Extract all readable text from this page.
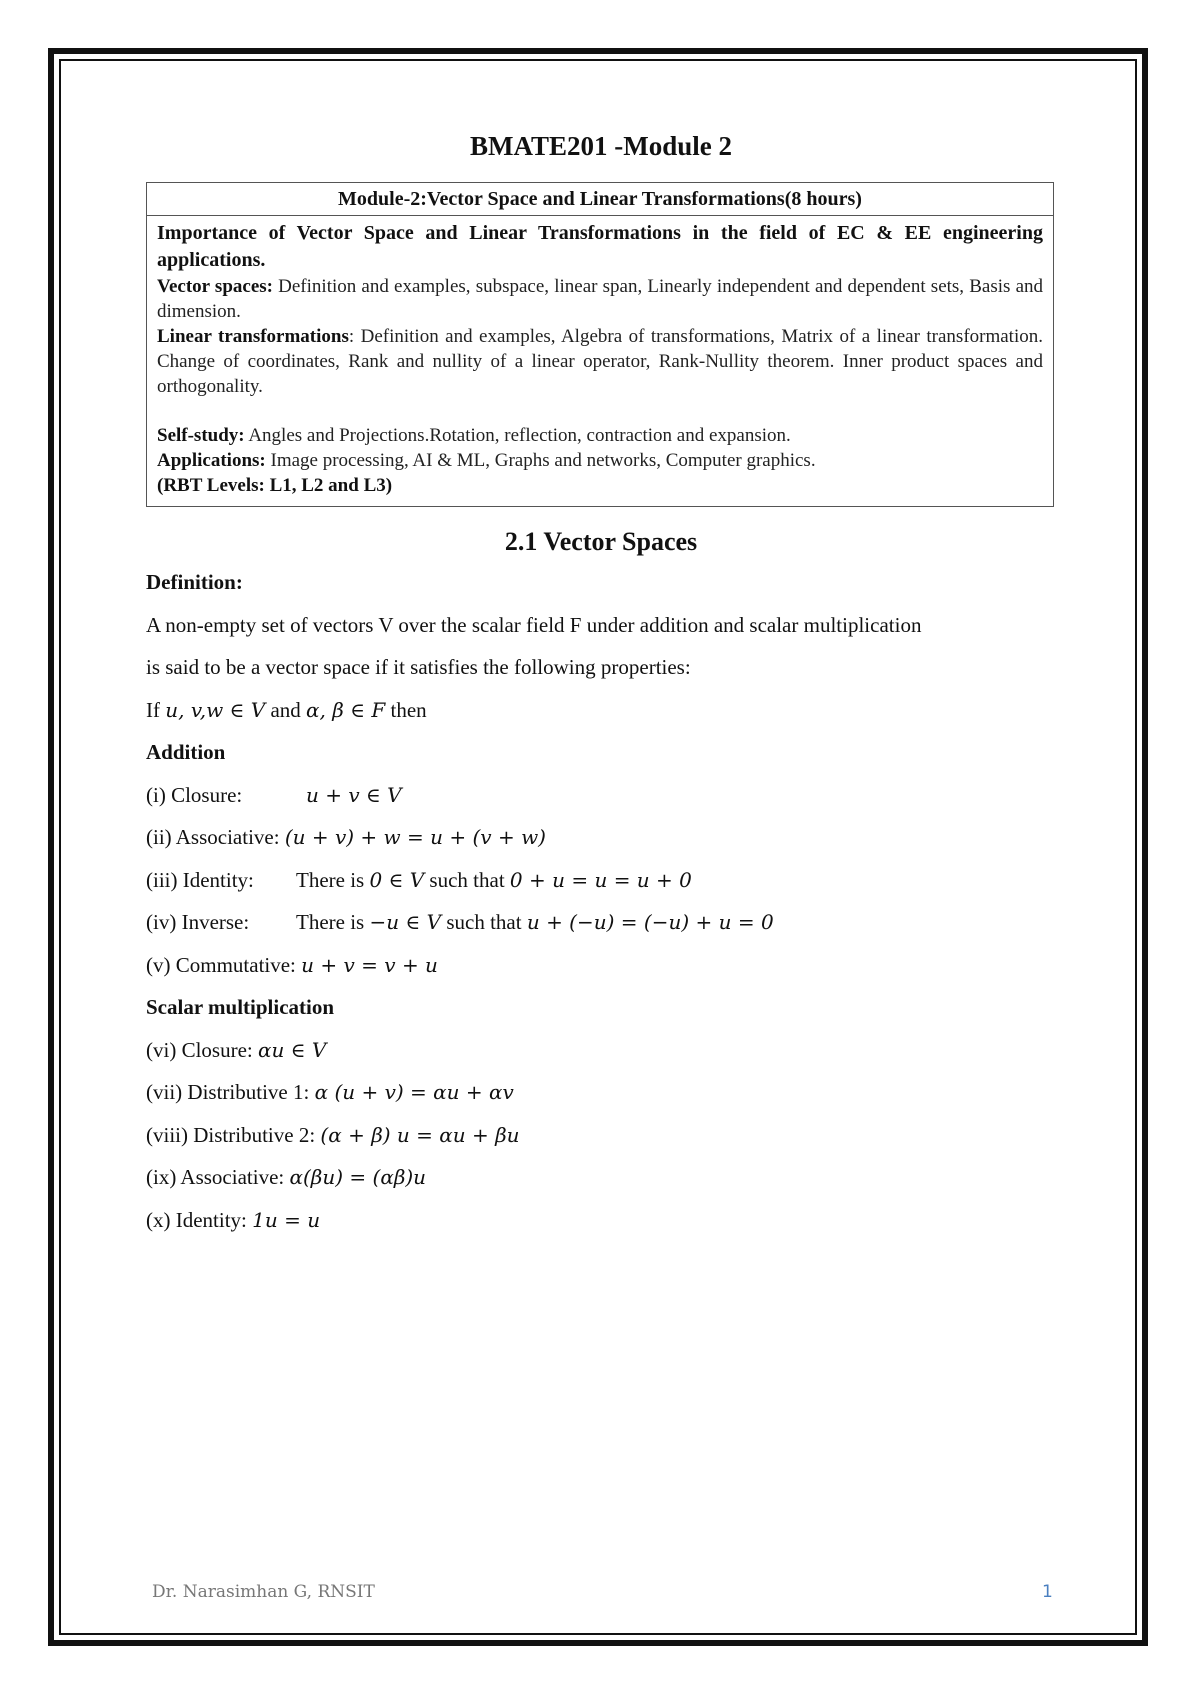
BMATE201 -Module 2
Module-2:Vector Space and Linear Transformations(8 hours)

Importance of Vector Space and Linear Transformations in the field of EC & EE engineering applications.

Vector spaces: Definition and examples, subspace, linear span, Linearly independent and dependent sets, Basis and dimension.

Linear transformations: Definition and examples, Algebra of transformations, Matrix of a linear transformation. Change of coordinates, Rank and nullity of a linear operator, Rank-Nullity theorem. Inner product spaces and orthogonality.

Self-study: Angles and Projections.Rotation, reflection, contraction and expansion.

Applications: Image processing, AI & ML, Graphs and networks, Computer graphics.

(RBT Levels: L1, L2 and L3)

2.1 Vector Spaces
Definition:
A non-empty set of vectors V over the scalar field F under addition and scalar multiplication
is said to be a vector space if it satisfies the following properties:
If u, v,w ∈ V and α, β ∈ F then
Addition
(i) Closure:	u + v ∈ V
(ii) Associative: (u + v) + w = u + (v + w)
(iii) Identity: There is 0 ∈ V such that 0 + u = u = u + 0
(iv) Inverse: There is −u ∈ V such that u + (−u) = (−u) + u = 0
(v) Commutative: u + v = v + u
Scalar multiplication
(vi) Closure: αu ∈ V
(vii) Distributive 1: α (u + v) = αu + αv
(viii) Distributive 2: (α + β) u = αu + βu
(ix) Associative: α(βu) = (αβ)u
(x) Identity: 1u = u
Dr. Narasimhan G, RNSIT	1
